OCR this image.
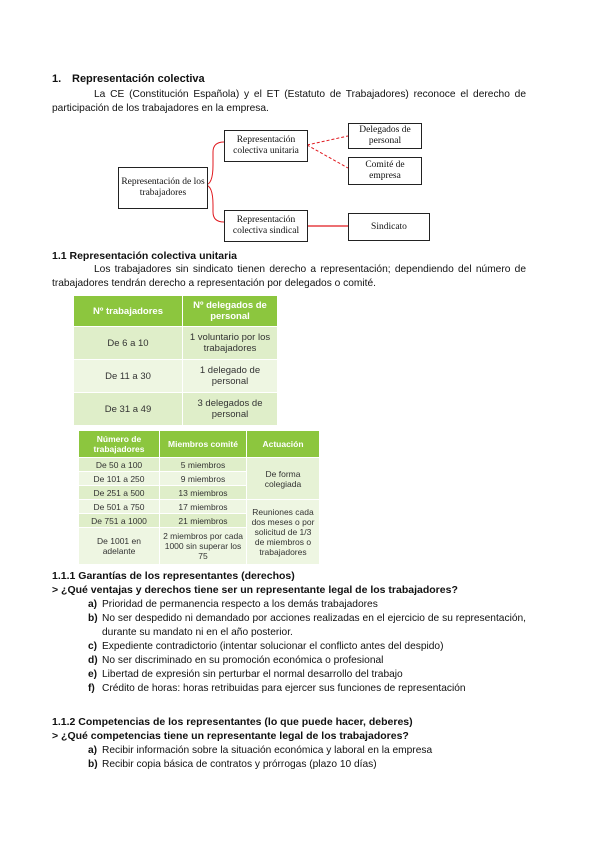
1. Representación colectiva
La CE (Constitución Española) y el ET (Estatuto de Trabajadores) reconoce el derecho de participación de los trabajadores en la empresa.
Representación de los trabajadores
Representación colectiva unitaria
Representación colectiva sindical
Delegados de personal
Comité de empresa
Sindicato
1.1 Representación colectiva unitaria
Los trabajadores sin sindicato tienen derecho a representación; dependiendo del número de trabajadores tendrán derecho a representación por delegados o comité.
Nº trabajadores	Nº delegados de personal
De 6 a 10	1 voluntario por los trabajadores
De 11 a 30	1 delegado de personal
De 31 a 49	3 delegados de personal
Número de trabajadores	Miembros comité	Actuación
De 50 a 100	5 miembros	De forma colegiada
De 101 a 250	9 miembros	
De 251 a 500	13 miembros	
De 501 a 750	17 miembros	Reuniones cada dos meses o por solicitud de 1/3 de miembros o trabajadores
De 751 a 1000	21 miembros	
De 1001 en adelante	2 miembros por cada 1000 sin superar los 75	
1.1.1 Garantías de los representantes (derechos)
> ¿Qué ventajas y derechos tiene ser un representante legal de los trabajadores?
a) Prioridad de permanencia respecto a los demás trabajadores
b) No ser despedido ni demandado por acciones realizadas en el ejercicio de su representación, durante su mandato ni en el año posterior.
c) Expediente contradictorio (intentar solucionar el conflicto antes del despido)
d) No ser discriminado en su promoción económica o profesional
e) Libertad de expresión sin perturbar el normal desarrollo del trabajo
f) Crédito de horas: horas retribuidas para ejercer sus funciones de representación
1.1.2 Competencias de los representantes (lo que puede hacer, deberes)
> ¿Qué competencias tiene un representante legal de los trabajadores?
a) Recibir información sobre la situación económica y laboral en la empresa
b) Recibir copia básica de contratos y prórrogas (plazo 10 días)
